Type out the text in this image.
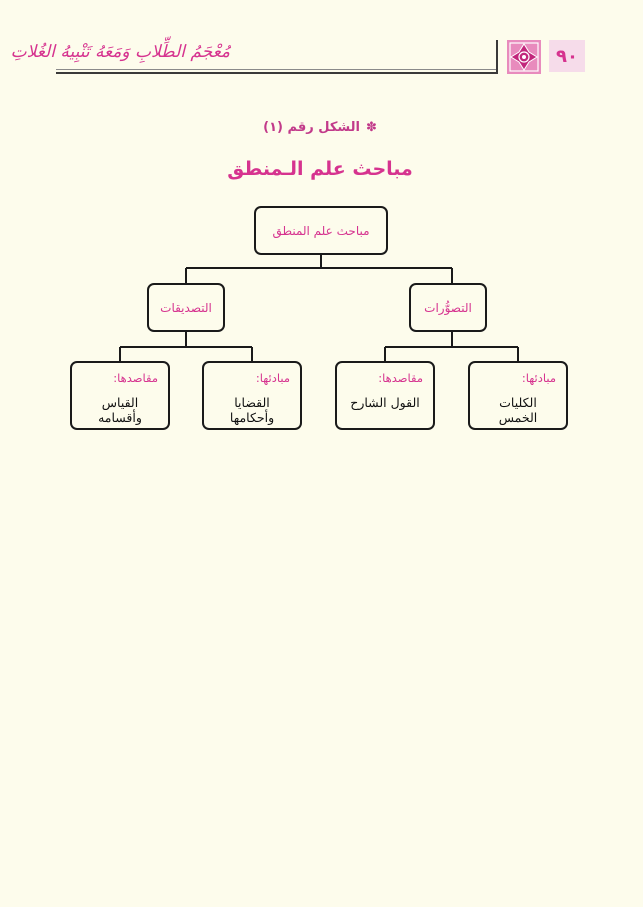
مُعْجَمُ الطِّلابِ وَمَعَهُ تَنْبِيهُ الغُلاتِ	٩٠
✽الشكل رقم (١)
مباحث علم الـمنطق
مباحث علم المنطق
التصوُّرات
التصديقات
مبادئها:
الكليات الخمس
مقاصدها:
القول الشارح
مبادئها:
القضايا وأحكامها
مقاصدها:
القياس وأقسامه
